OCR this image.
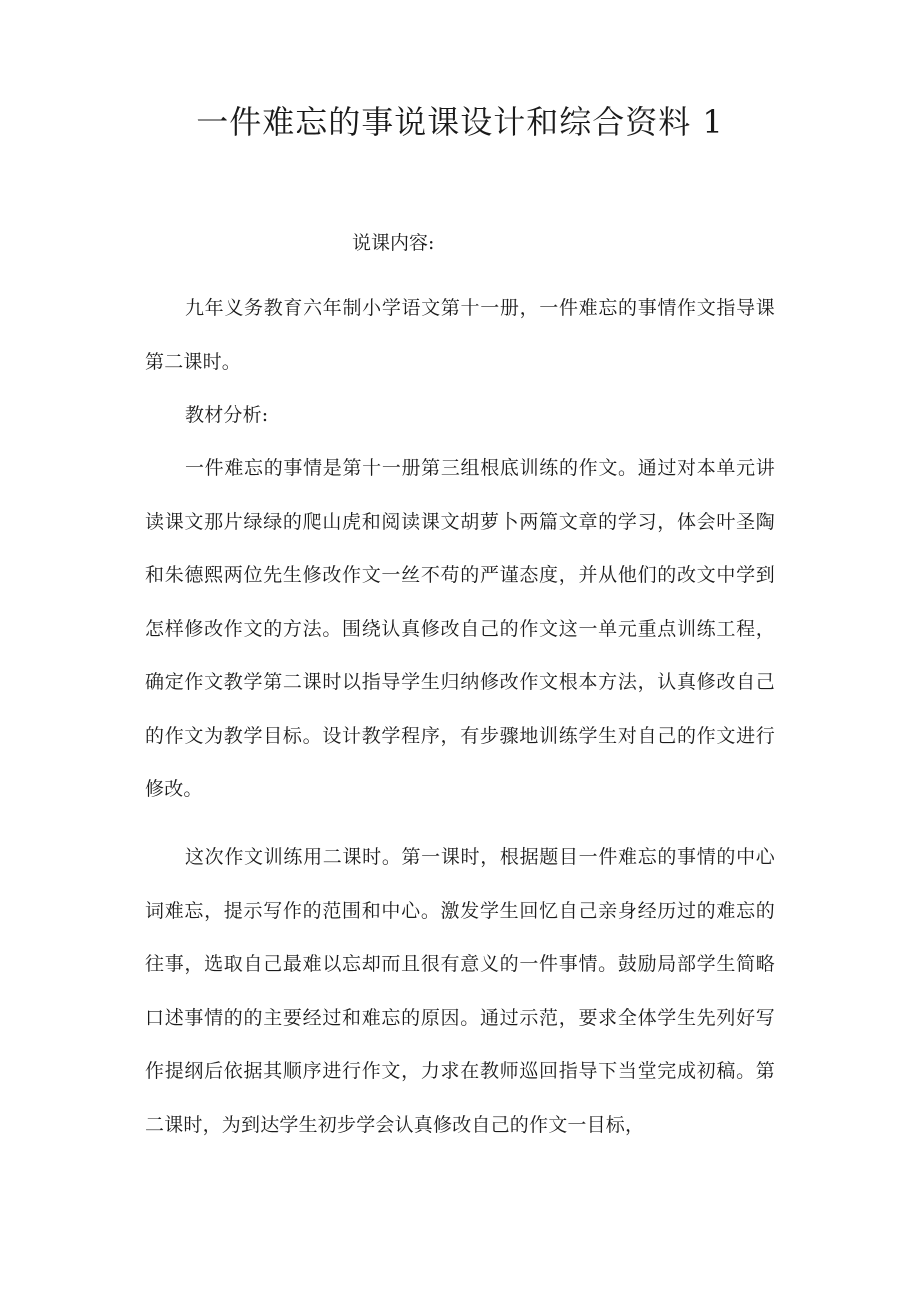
一件难忘的事说课设计和综合资料 1
说课内容:
九年义务教育六年制小学语文第十一册，一件难忘的事情作文指导课第二课时。
教材分析:
一件难忘的事情是第十一册第三组根底训练的作文。通过对本单元讲读课文那片绿绿的爬山虎和阅读课文胡萝卜两篇文章的学习，体会叶圣陶和朱德熙两位先生修改作文一丝不苟的严谨态度，并从他们的改文中学到怎样修改作文的方法。围绕认真修改自己的作文这一单元重点训练工程，确定作文教学第二课时以指导学生归纳修改作文根本方法，认真修改自己的作文为教学目标。设计教学程序，有步骤地训练学生对自己的作文进行修改。
这次作文训练用二课时。第一课时，根据题目一件难忘的事情的中心词难忘，提示写作的范围和中心。激发学生回忆自己亲身经历过的难忘的往事，选取自己最难以忘却而且很有意义的一件事情。鼓励局部学生简略口述事情的的主要经过和难忘的原因。通过示范，要求全体学生先列好写作提纲后依据其顺序进行作文，力求在教师巡回指导下当堂完成初稿。第二课时，为到达学生初步学会认真修改自己的作文一目标，
